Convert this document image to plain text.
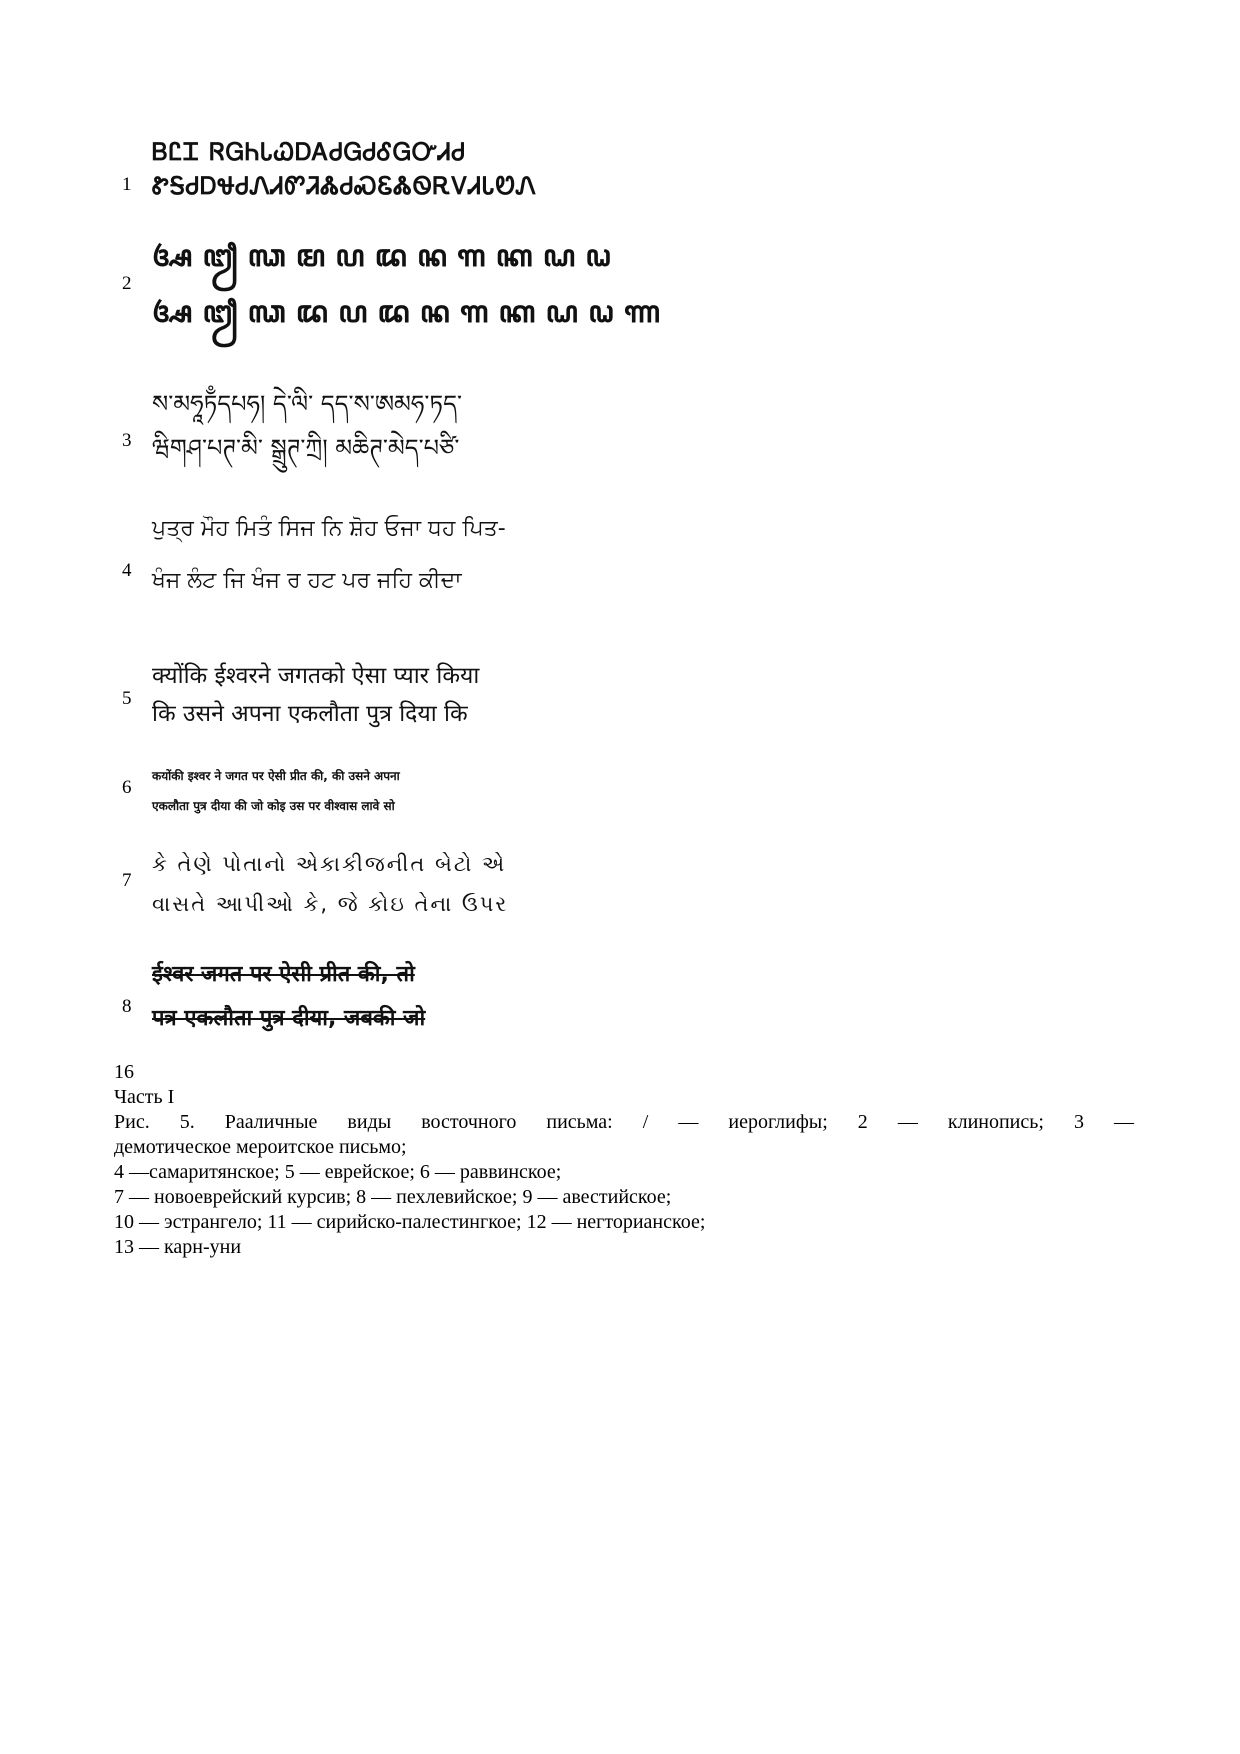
1
ᏴᏝᏆ ᏒᏀᏂᏓᏇᎠᎪᏧᏀᏧᎴᏀᏅᏗᏧ
ᏑᎦᏧᎠᏠᏧᏁᏗᏛᏘᏜᏧᏍᏋᏜᏫᎡᏙᏗᏓᏬᏁ
2
ꦄ ꦙ ꦓ ꦩ ꦥ ꦢ ꦤ ꦒ ꦏ ꦝ ꦞ
ꦄ ꦙ ꦓ ꦢ ꦥ ꦢ ꦤ ꦒ ꦏ ꦝ ꦞ ꦟ
3
ས་མཧཱཏྃདཔཧ། དེ་ལི་ དད་ས་ཨམཧ་ཏད་
ཝིགཤ་པཊ་མི་ སྒྲུཊ་ཀྲི། མཆིཊ་མེད་པཙི་
4
ਪੁਤ੍ਰ ਮੌਹ ਮਿਤੰ ਸਿਜ ਨਿ ਸ਼ੋਹ ਓਜਾ ਧਹ ਪਿਤ-
ਖੰਜ ਲੰਟ ਜਿ ਖੰਜ ਰ ਹਟ ਪਰ ਜਹਿ ਕੀਦਾ
5
क्योंकि ईश्वरने जगतको ऐसा प्यार किया
कि उसने अपना एकलौता पुत्र दिया कि
6
कयोंकी इश्वर ने जगत पर ऐसी प्रीत की, की उसने अपना
एकलौता पुत्र दीया की जो कोइ उस पर वीश्वास लावे सो
7
કે તેણે પોતાનો એકાકીજનીત બેટો એ
વાસતે આપીઓ કે, જે કોઇ તેના ઉપર
8
ईश्वर जगत पर ऐसी प्रीत की, तो
पत्र एकलौता पुत्र दीया, जबकी जो

16

Часть I

Рис. 5. Раaличные виды восточного письма: / — иероглифы; 2 — клинопись; 3 —

демотическое мероитское письмо;

4 —самаритянское; 5 — еврейское; 6 — раввинское;

7 — новоеврейский курсив; 8 — пехлевийское; 9 — авестийское;

10 — эстрангело; 11 — сирийско-палестингкое; 12 — негторианское;

13 — карн-уни
